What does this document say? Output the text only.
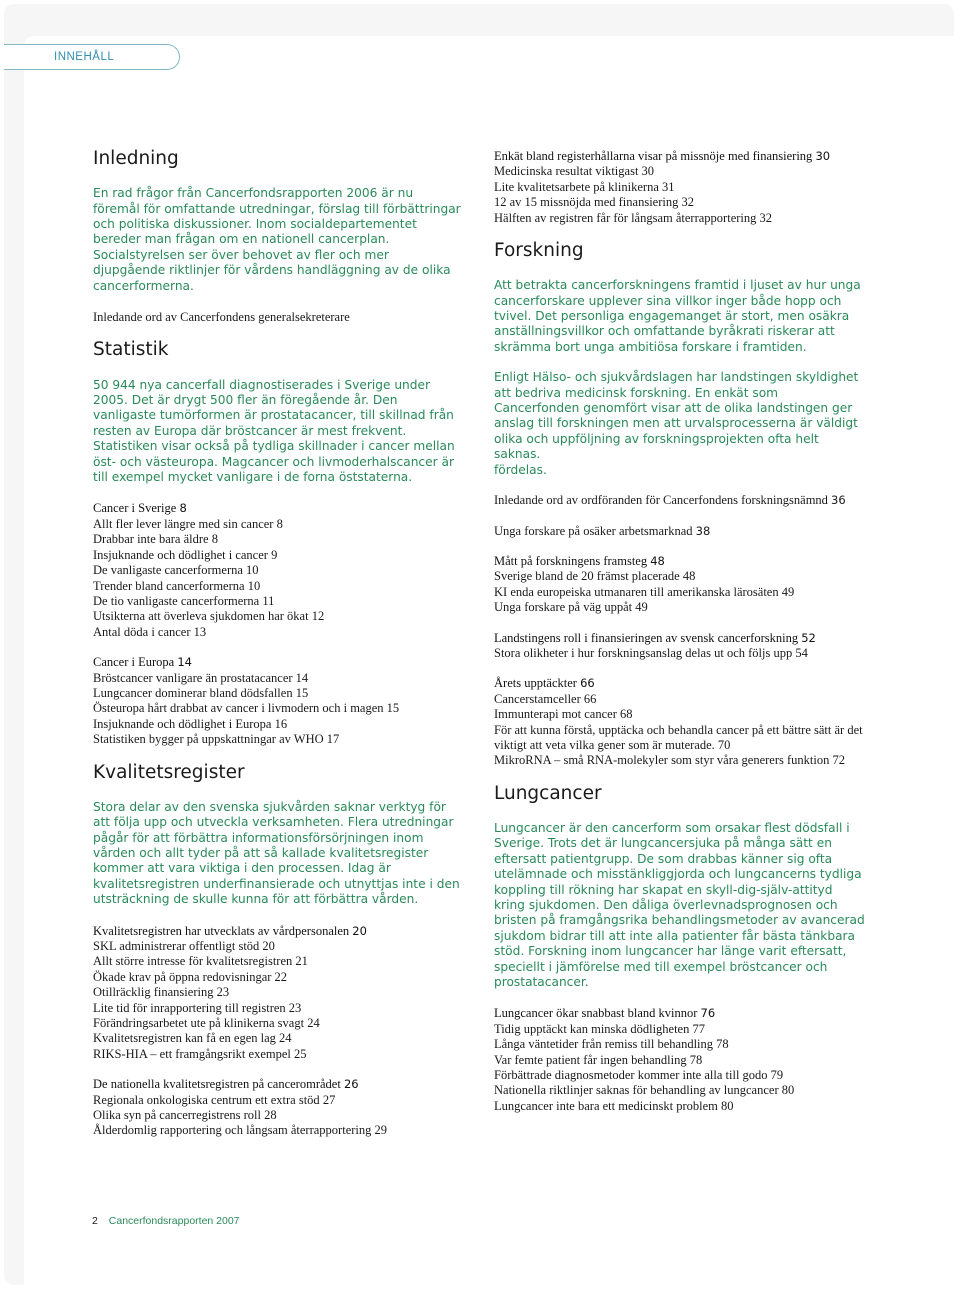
INNEHÅLL
Inledning

En rad frågor från Cancerfondsrapporten 2006 är nu föremål för omfattande utredningar, förslag till förbättringar och politiska diskussioner. Inom socialdepartementet bereder man frågan om en nationell cancerplan. Socialstyrelsen ser över behovet av fler och mer djupgående riktlinjer för vårdens handläggning av de olika cancerformerna.

Inledande ord av Cancerfondens generalsekreterare

Statistik

50 944 nya cancerfall diagnostiserades i Sverige under 2005. Det är drygt 500 fler än föregående år. Den vanligaste tumörformen är prostatacancer, till skillnad från resten av Europa där bröstcancer är mest frekvent. Statistiken visar också på tydliga skillnader i cancer mellan öst- och västeuropa. Magcancer och livmoderhalscancer är till exempel mycket vanligare i de forna öststaterna.

Cancer i Sverige 8
Allt fler lever längre med sin cancer 8
Drabbar inte bara äldre 8
Insjuknande och dödlighet i cancer 9
De vanligaste cancerformerna 10
Trender bland cancerformerna 10
De tio vanligaste cancerformerna 11
Utsikterna att överleva sjukdomen har ökat 12
Antal döda i cancer 13
Cancer i Europa 14
Bröstcancer vanligare än prostatacancer 14
Lungcancer dominerar bland dödsfallen 15
Östeuropa hårt drabbat av cancer i livmodern och i magen 15
Insjuknande och dödlighet i Europa 16
Statistiken bygger på uppskattningar av WHO 17
Kvalitetsregister

Stora delar av den svenska sjukvården saknar verktyg för att följa upp och utveckla verksamheten. Flera utredningar pågår för att förbättra informationsförsörjningen inom vården och allt tyder på att så kallade kvalitetsregister kommer att vara viktiga i den processen. Idag är kvalitetsregistren underfinansierade och utnyttjas inte i den utsträckning de skulle kunna för att förbättra vården.

Kvalitetsregistren har utvecklats av vårdpersonalen 20
SKL administrerar offentligt stöd 20
Allt större intresse för kvalitetsregistren 21
Ökade krav på öppna redovisningar 22
Otillräcklig finansiering 23
Lite tid för inrapportering till registren 23
Förändringsarbetet ute på klinikerna svagt 24
Kvalitetsregistren kan få en egen lag 24
RIKS-HIA – ett framgångsrikt exempel 25
De nationella kvalitetsregistren på cancerområdet 26
Regionala onkologiska centrum ett extra stöd 27
Olika syn på cancerregistrens roll 28
Ålderdomlig rapportering och långsam återrapportering 29
Enkät bland registerhållarna visar på missnöje med finansiering 30
Medicinska resultat viktigast 30
Lite kvalitetsarbete på klinikerna 31
12 av 15 missnöjda med finansiering 32
Hälften av registren får för långsam återrapportering 32
Forskning

Att betrakta cancerforskningens framtid i ljuset av hur unga cancerforskare upplever sina villkor inger både hopp och tvivel. Det personliga engagemanget är stort, men osäkra anställningsvillkor och omfattande byråkrati riskerar att skrämma bort unga ambitiösa forskare i framtiden.

Enligt Hälso- och sjukvårdslagen har landstingen skyldighet att bedriva medicinsk forskning. En enkät som Cancerfonden genomfört visar att de olika landstingen ger anslag till forskningen men att urvalsprocesserna är väldigt olika och uppföljning av forskningsprojekten ofta helt saknas.

fördelas.

Inledande ord av ordföranden för Cancerfondens forskningsnämnd 36

Unga forskare på osäker arbetsmarknad 38

Mått på forskningens framsteg 48
Sverige bland de 20 främst placerade 48
KI enda europeiska utmanaren till amerikanska lärosäten 49
Unga forskare på väg uppåt 49
Landstingens roll i finansieringen av svensk cancerforskning 52
Stora olikheter i hur forskningsanslag delas ut och följs upp 54
Årets upptäckter 66
Cancerstamceller 66
Immunterapi mot cancer 68
För att kunna förstå, upptäcka och behandla cancer på ett bättre sätt är det viktigt att veta vilka gener som är muterade. 70
MikroRNA – små RNA-molekyler som styr våra generers funktion 72
Lungcancer

Lungcancer är den cancerform som orsakar flest dödsfall i Sverige. Trots det är lungcancersjuka på många sätt en eftersatt patientgrupp. De som drabbas känner sig ofta utelämnade och misstänkliggjorda och lungcancerns tydliga koppling till rökning har skapat en skyll-dig-själv-attityd kring sjukdomen. Den dåliga överlevnadsprognosen och bristen på framgångsrika behandlingsmetoder av avancerad sjukdom bidrar till att inte alla patienter får bästa tänkbara stöd. Forskning inom lungcancer har länge varit eftersatt, speciellt i jämförelse med till exempel bröstcancer och prostatacancer.

Lungcancer ökar snabbast bland kvinnor 76
Tidig upptäckt kan minska dödligheten 77
Långa väntetider från remiss till behandling 78
Var femte patient får ingen behandling 78
Förbättrade diagnosmetoder kommer inte alla till godo 79
Nationella riktlinjer saknas för behandling av lungcancer 80
Lungcancer inte bara ett medicinskt problem 80
2 Cancerfondsrapporten 2007
